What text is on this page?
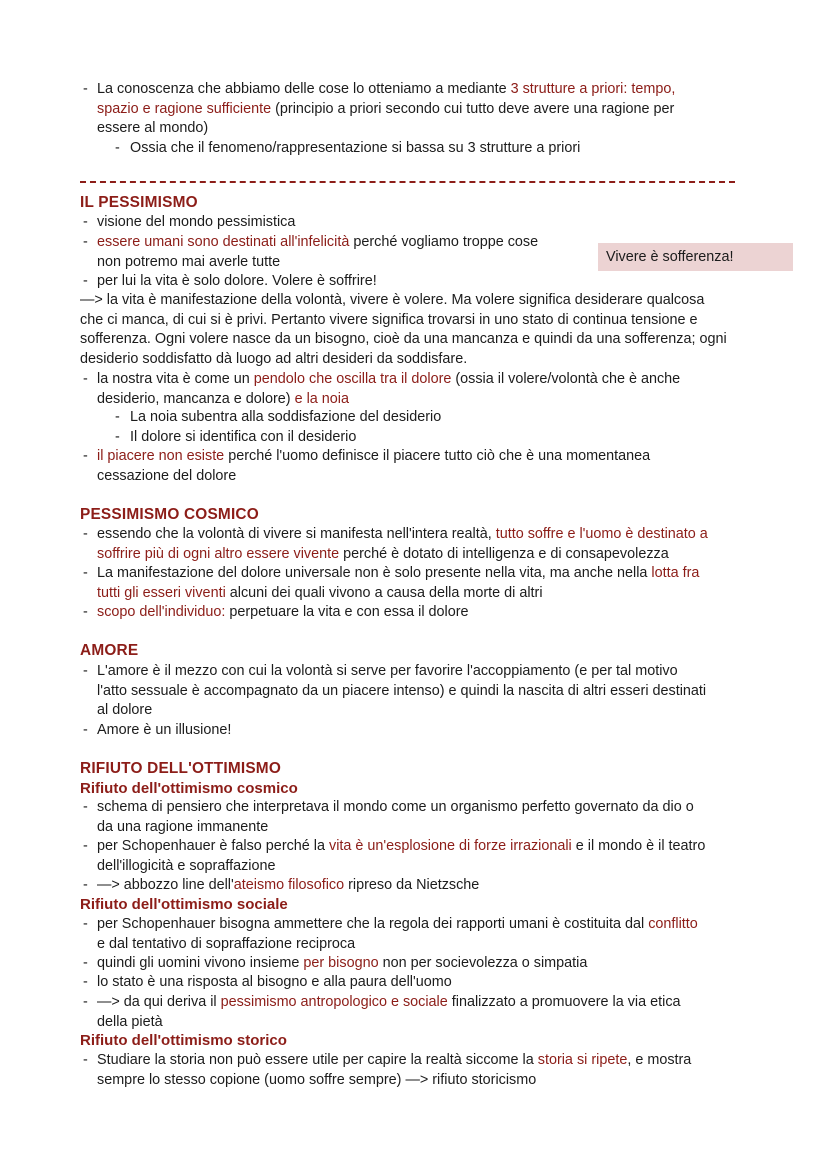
- La conoscenza che abbiamo delle cose lo otteniamo a mediante 3 strutture a priori: tempo,
spazio e ragione sufficiente (principio a priori secondo cui tutto deve avere una ragione per
essere al mondo)
- Ossia che il fenomeno/rappresentazione si bassa su 3 strutture a priori
IL PESSIMISMO
- visione del mondo pessimistica
- essere umani sono destinati all'infelicità perché vogliamo troppe cose
non potremo mai averle tutte	Vivere è sofferenza!
- per lui la vita è solo dolore. Volere è soffrire!
—> la vita è manifestazione della volontà, vivere è volere. Ma volere significa desiderare qualcosa
che ci manca, di cui si è privi. Pertanto vivere significa trovarsi in uno stato di continua tensione e
sofferenza. Ogni volere nasce da un bisogno, cioè da una mancanza e quindi da una sofferenza; ogni
desiderio soddisfatto dà luogo ad altri desideri da soddisfare.
- la nostra vita è come un pendolo che oscilla tra il dolore (ossia il volere/volontà che è anche
desiderio, mancanza e dolore) e la noia
- La noia subentra alla soddisfazione del desiderio
- Il dolore si identifica con il desiderio
- il piacere non esiste perché l'uomo definisce il piacere tutto ciò che è una momentanea
cessazione del dolore
PESSIMISMO COSMICO
- essendo che la volontà di vivere si manifesta nell'intera realtà, tutto soffre e l'uomo è destinato a
soffrire più di ogni altro essere vivente perché è dotato di intelligenza e di consapevolezza
- La manifestazione del dolore universale non è solo presente nella vita, ma anche nella lotta fra
tutti gli esseri viventi alcuni dei quali vivono a causa della morte di altri
- scopo dell'individuo: perpetuare la vita e con essa il dolore
AMORE
- L'amore è il mezzo con cui la volontà si serve per favorire l'accoppiamento (e per tal motivo
l'atto sessuale è accompagnato da un piacere intenso) e quindi la nascita di altri esseri destinati
al dolore
- Amore è un illusione!
RIFIUTO DELL'OTTIMISMO
Rifiuto dell'ottimismo cosmico
- schema di pensiero che interpretava il mondo come un organismo perfetto governato da dio o
da una ragione immanente
- per Schopenhauer è falso perché la vita è un'esplosione di forze irrazionali e il mondo è il teatro
dell'illogicità e sopraffazione
- —> abbozzo line dell'ateismo filosofico ripreso da Nietzsche
Rifiuto dell'ottimismo sociale
- per Schopenhauer bisogna ammettere che la regola dei rapporti umani è costituita dal conflitto
e dal tentativo di sopraffazione reciproca
- quindi gli uomini vivono insieme per bisogno non per socievolezza o simpatia
- lo stato è una risposta al bisogno e alla paura dell'uomo
- —> da qui deriva il pessimismo antropologico e sociale finalizzato a promuovere la via etica
della pietà
Rifiuto dell'ottimismo storico
- Studiare la storia non può essere utile per capire la realtà siccome la storia si ripete, e mostra
sempre lo stesso copione (uomo soffre sempre) —> rifiuto storicismo
